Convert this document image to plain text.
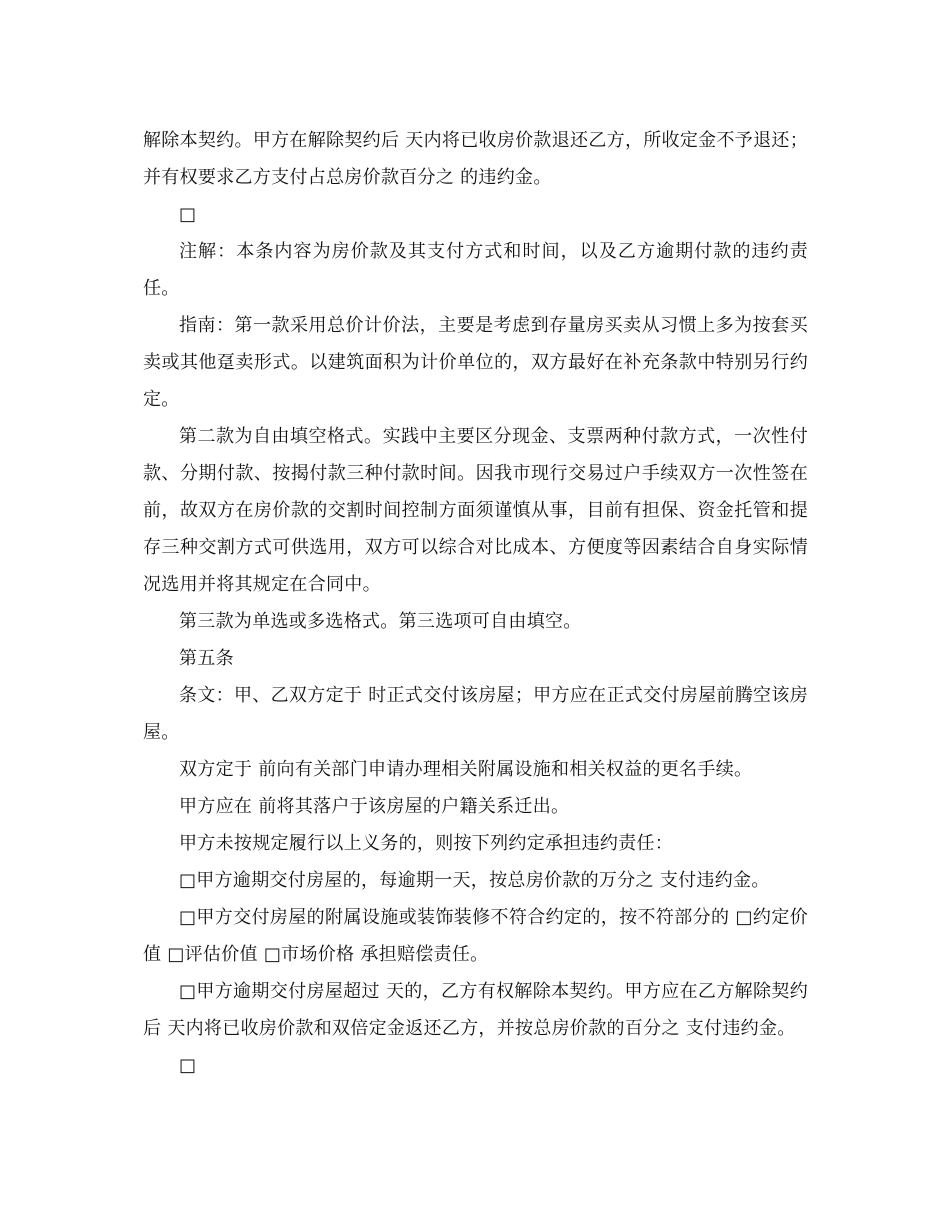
解除本契约。甲方在解除契约后 天内将已收房价款退还乙方，所收定金不予退还；并有权要求乙方支付占总房价款百分之 的违约金。

□

注解：本条内容为房价款及其支付方式和时间，以及乙方逾期付款的违约责任。

指南：第一款采用总价计价法，主要是考虑到存量房买卖从习惯上多为按套买卖或其他趸卖形式。以建筑面积为计价单位的，双方最好在补充条款中特别另行约定。

第二款为自由填空格式。实践中主要区分现金、支票两种付款方式，一次性付款、分期付款、按揭付款三种付款时间。因我市现行交易过户手续双方一次性签在前，故双方在房价款的交割时间控制方面须谨慎从事，目前有担保、资金托管和提存三种交割方式可供选用，双方可以综合对比成本、方便度等因素结合自身实际情况选用并将其规定在合同中。

第三款为单选或多选格式。第三选项可自由填空。

第五条

条文：甲、乙双方定于 时正式交付该房屋；甲方应在正式交付房屋前腾空该房屋。

双方定于 前向有关部门申请办理相关附属设施和相关权益的更名手续。

甲方应在 前将其落户于该房屋的户籍关系迁出。

甲方未按规定履行以上义务的，则按下列约定承担违约责任：

□甲方逾期交付房屋的，每逾期一天，按总房价款的万分之 支付违约金。

□甲方交付房屋的附属设施或装饰装修不符合约定的，按不符部分的 □约定价值 □评估价值 □市场价格 承担赔偿责任。

□甲方逾期交付房屋超过 天的，乙方有权解除本契约。甲方应在乙方解除契约后 天内将已收房价款和双倍定金返还乙方，并按总房价款的百分之 支付违约金。

□
